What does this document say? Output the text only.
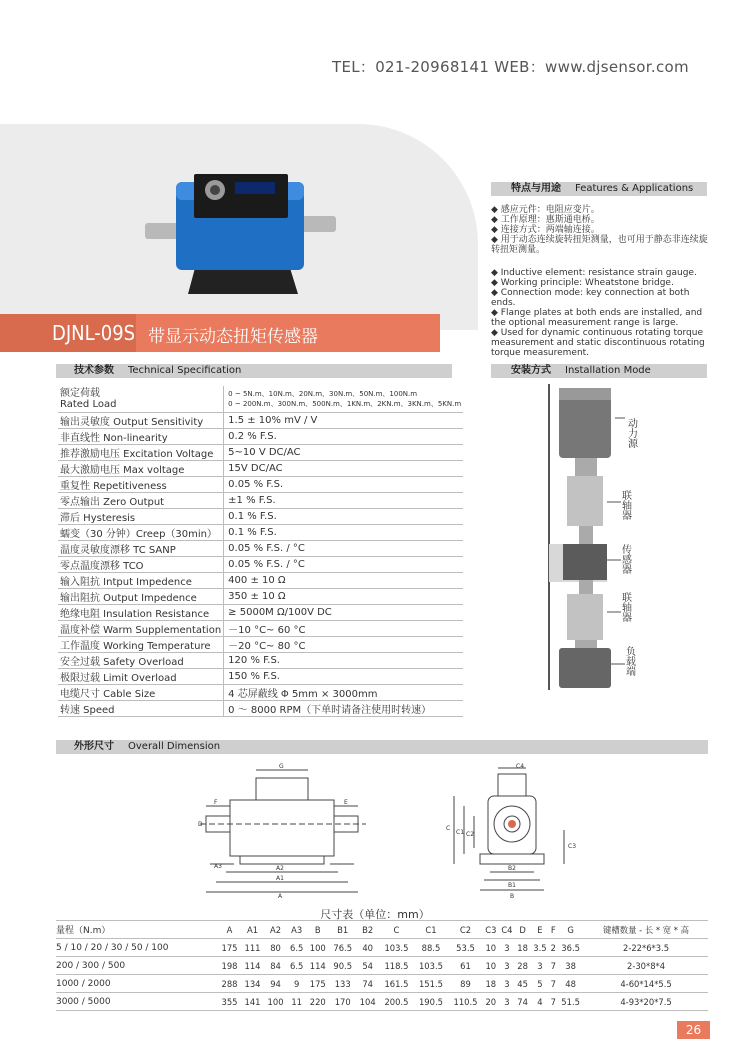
TEL：021-20968141 WEB：www.djsensor.com
DJNL-09S 带显示动态扭矩传感器
特点与用途 Features & Applications

◆ 感应元件：电阻应变片。

◆ 工作原理：惠斯通电桥。

◆ 连接方式：两端轴连接。

◆ 用于动态连续旋转扭矩测量，也可用于静态非连续旋转扭矩测量。

◆ Inductive element: resistance strain gauge.

◆ Working principle: Wheatstone bridge.

◆ Connection mode: key connection at both ends.

◆ Flange plates at both ends are installed, and the optional measurement range is large.

◆ Used for dynamic continuous rotating torque measurement and static discontinuous rotating torque measurement.

安装方式 Installation Mode
动力源
联轴器
传感器
联轴器
负载端
技术参数 Technical Specification
额定荷载
Rated Load	0 ~ 5N.m、10N.m、20N.m、30N.m、50N.m、100N.m
0 ~ 200N.m、300N.m、500N.m、1KN.m、2KN.m、3KN.m、5KN.m
输出灵敏度 Output Sensitivity	1.5 ± 10% mV / V
非直线性 Non-linearity	0.2 % F.S.
推荐激励电压 Excitation Voltage	5~10 V DC/AC
最大激励电压 Max voltage	15V DC/AC
重复性 Repetitiveness	0.05 % F.S.
零点输出 Zero Output	±1 % F.S.
滞后 Hysteresis	0.1 % F.S.
蠕变（30 分钟）Creep（30min）	0.1 % F.S.
温度灵敏度漂移 TC SANP	0.05 % F.S. / °C
零点温度漂移 TCO	0.05 % F.S. / °C
输入阻抗 Intput Impedence	400 ± 10 Ω
输出阻抗 Output Impedence	350 ± 10 Ω
绝缘电阻 Insulation Resistance	≥ 5000M Ω/100V DC
温度补偿 Warm Supplementation	－10 °C~ 60 °C
工作温度 Working Temperature	－20 °C~ 80 °C
安全过载 Safety Overload	120 % F.S.
极限过载 Limit Overload	150 % F.S.
电缆尺寸 Cable Size	4 芯屏蔽线 Φ 5mm × 3000mm
转速 Speed	0 ～ 8000 RPM（下单时请备注使用时转速）
外形尺寸 Overall Dimension
G
F	E
D
A3	A2
A1
A
C4
C
C1 C2
C3
B2
B1
B
尺寸表（单位：mm）
量程（N.m）	A	A1	A2	A3	B	B1	B2	C	C1	C2	C3	C4	D	E	F	G	键槽数量 - 长 * 宽 * 高
5 / 10 / 20 / 30 / 50 / 100	175	111	80	6.5	100	76.5	40	103.5	88.5	53.5	10	3	18	3.5	2	36.5	2-22*6*3.5
200 / 300 / 500	198	114	84	6.5	114	90.5	54	118.5	103.5	61	10	3	28	3	7	38	2-30*8*4
1000 / 2000	288	134	94	9	175	133	74	161.5	151.5	89	18	3	45	5	7	48	4-60*14*5.5
3000 / 5000	355	141	100	11	220	170	104	200.5	190.5	110.5	20	3	74	4	7	51.5	4-93*20*7.5
26
